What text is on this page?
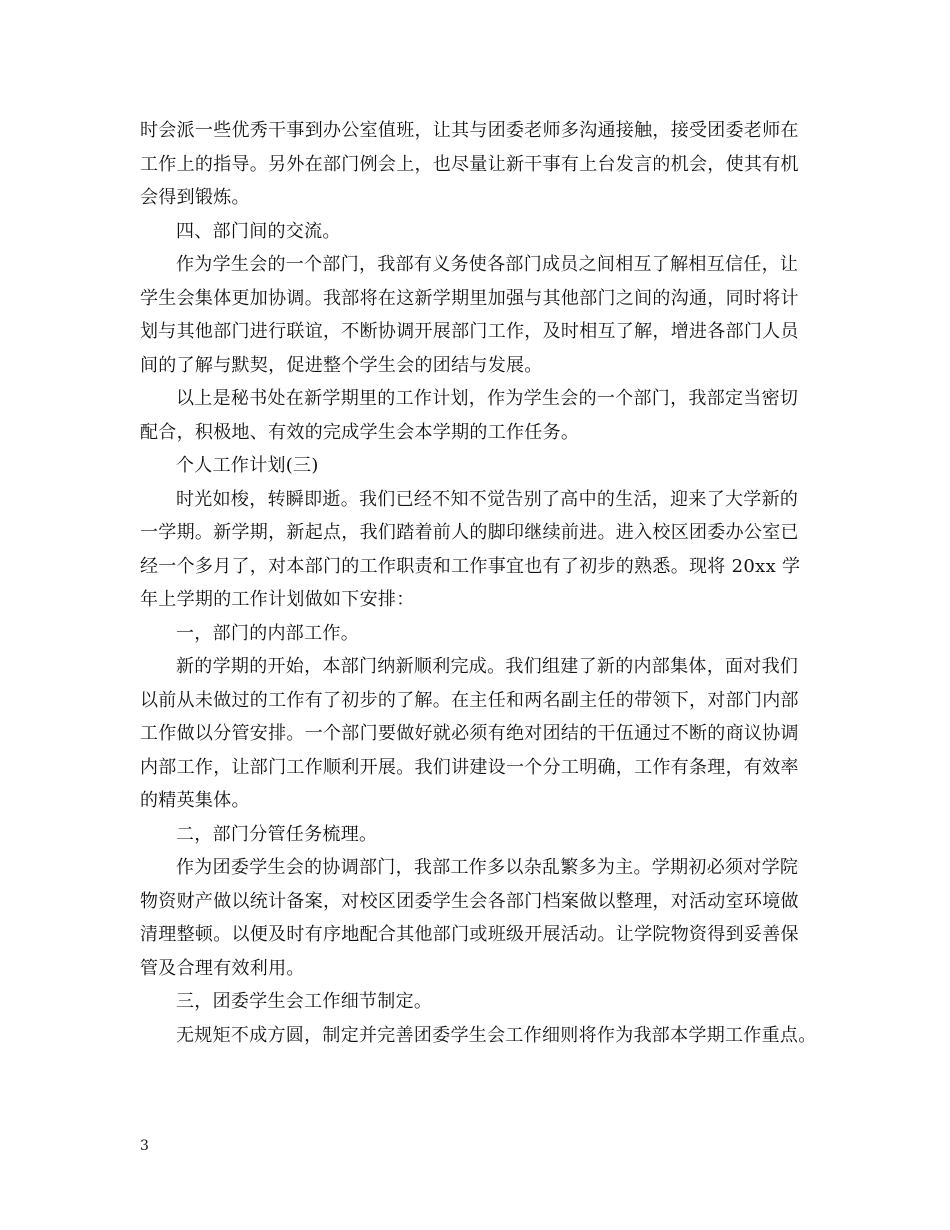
时会派一些优秀干事到办公室值班，让其与团委老师多沟通接触，接受团委老师在
工作上的指导。另外在部门例会上，也尽量让新干事有上台发言的机会，使其有机
会得到锻炼。
四、部门间的交流。
作为学生会的一个部门，我部有义务使各部门成员之间相互了解相互信任，让
学生会集体更加协调。我部将在这新学期里加强与其他部门之间的沟通，同时将计
划与其他部门进行联谊，不断协调开展部门工作，及时相互了解，增进各部门人员
间的了解与默契，促进整个学生会的团结与发展。
以上是秘书处在新学期里的工作计划，作为学生会的一个部门，我部定当密切
配合，积极地、有效的完成学生会本学期的工作任务。
个人工作计划(三)
时光如梭，转瞬即逝。我们已经不知不觉告别了高中的生活，迎来了大学新的
一学期。新学期，新起点，我们踏着前人的脚印继续前进。进入校区团委办公室已
经一个多月了，对本部门的工作职责和工作事宜也有了初步的熟悉。现将 20xx 学
年上学期的工作计划做如下安排：
一，部门的内部工作。
新的学期的开始，本部门纳新顺利完成。我们组建了新的内部集体，面对我们
以前从未做过的工作有了初步的了解。在主任和两名副主任的带领下，对部门内部
工作做以分管安排。一个部门要做好就必须有绝对团结的干伍通过不断的商议协调
内部工作，让部门工作顺利开展。我们讲建设一个分工明确，工作有条理，有效率
的精英集体。
二，部门分管任务梳理。
作为团委学生会的协调部门，我部工作多以杂乱繁多为主。学期初必须对学院
物资财产做以统计备案，对校区团委学生会各部门档案做以整理，对活动室环境做
清理整顿。以便及时有序地配合其他部门或班级开展活动。让学院物资得到妥善保
管及合理有效利用。
三，团委学生会工作细节制定。
无规矩不成方圆，制定并完善团委学生会工作细则将作为我部本学期工作重点。
3
